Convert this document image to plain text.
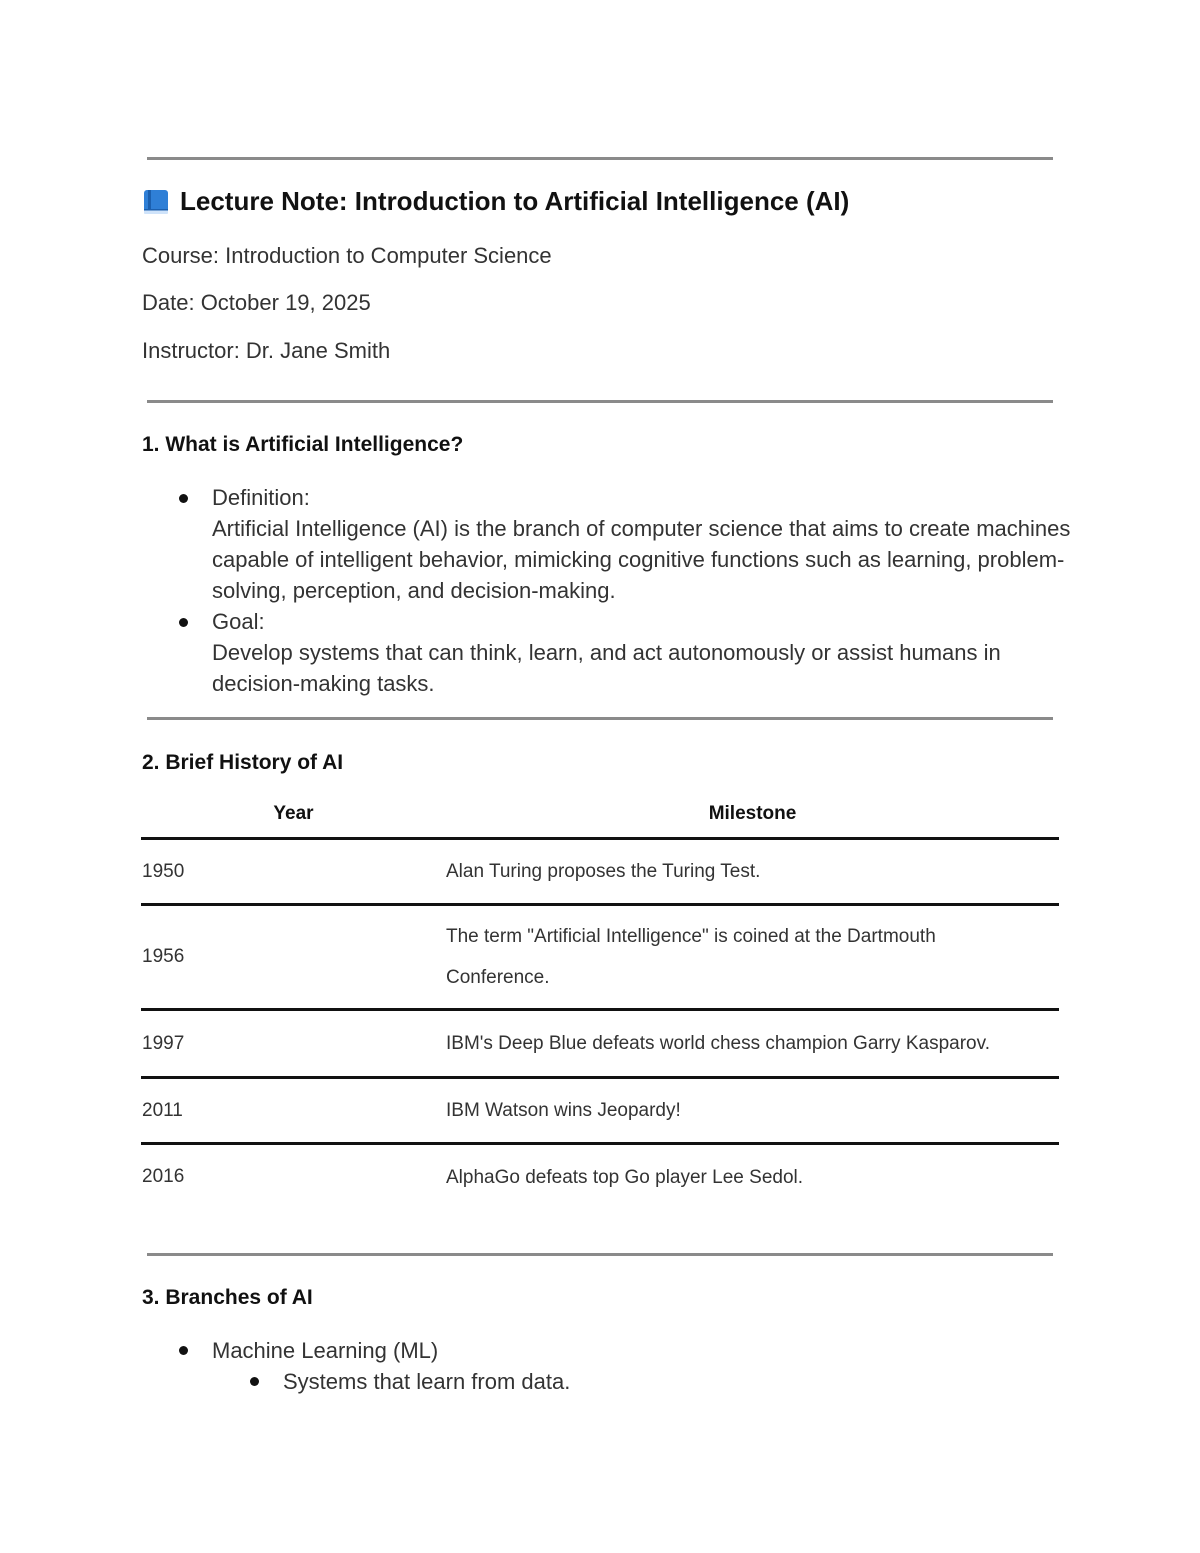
Lecture Note: Introduction to Artificial Intelligence (AI)
Course: Introduction to Computer Science
Date: October 19, 2025
Instructor: Dr. Jane Smith
1. What is Artificial Intelligence?
Definition:
Artificial Intelligence (AI) is the branch of computer science that aims to create machines capable of intelligent behavior, mimicking cognitive functions such as learning, problem-solving, perception, and decision-making.
Goal:
Develop systems that can think, learn, and act autonomously or assist humans in decision-making tasks.
2. Brief History of AI
Year	Milestone
1950	Alan Turing proposes the Turing Test.
1956	The term "Artificial Intelligence" is coined at the Dartmouth Conference.
1997	IBM's Deep Blue defeats world chess champion Garry Kasparov.
2011	IBM Watson wins Jeopardy!
2016	AlphaGo defeats top Go player Lee Sedol.
3. Branches of AI
Machine Learning (ML)
Systems that learn from data.
